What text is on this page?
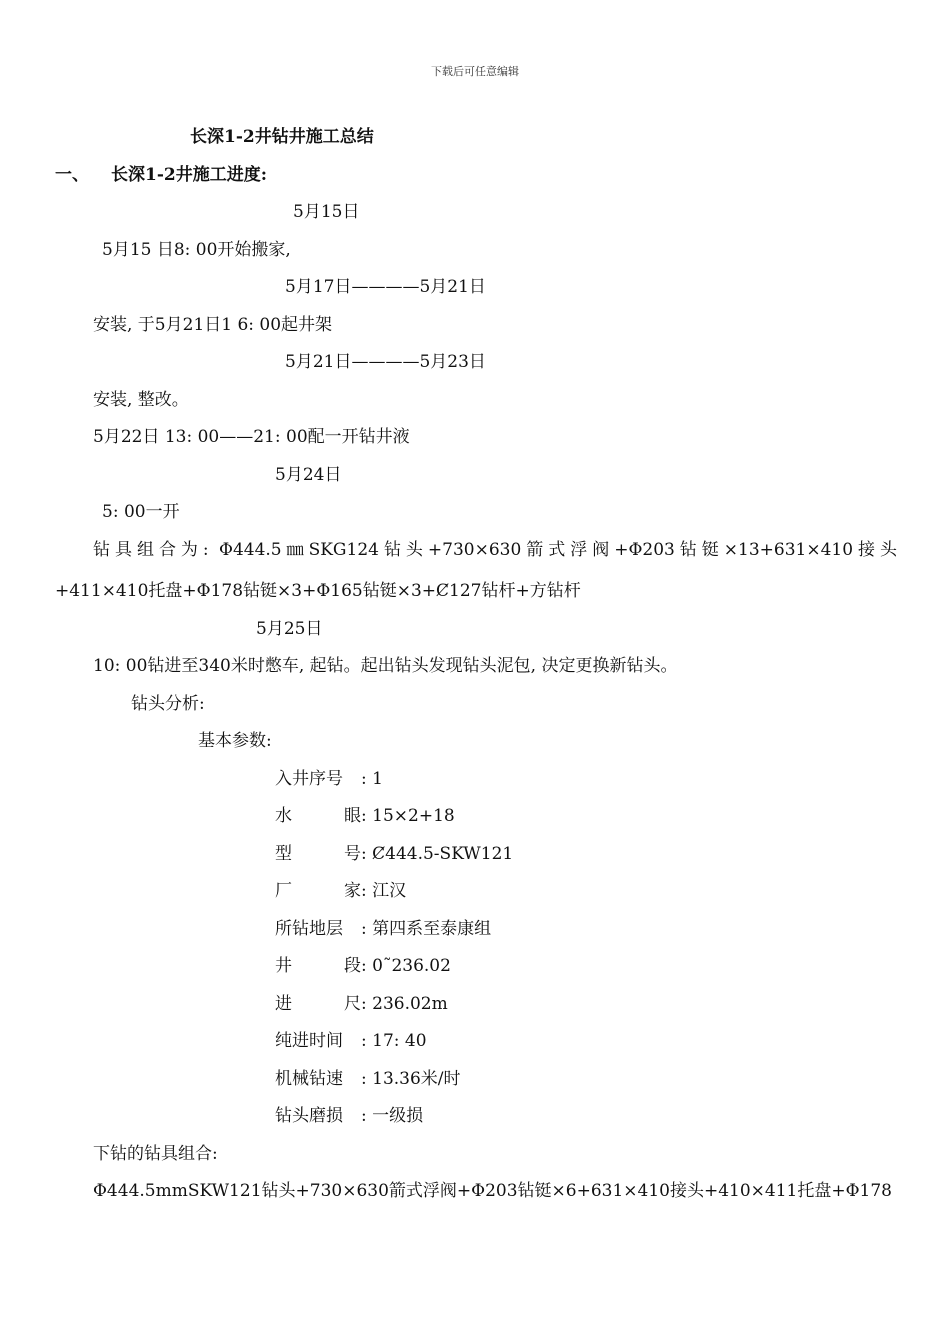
下载后可任意编辑
长深1-2井钻井施工总结
一、 长深1-2井施工进度:
5月15日
5月15 日8: 00开始搬家,
5月17日————5月21日
安装, 于5月21日1 6: 00起井架
5月21日————5月23日
安装, 整改。
5月22日 13: 00——21: 00配一开钻井液
5月24日
5: 00一开
钻具组合为: Φ444.5㎜SKG124钻头+730×630箭式浮阀+Φ203钻铤×13+631×410接头
+411×410托盘+Φ178钻铤×3+Φ165钻铤×3+Ȼ127钻杆+方钻杆
5月25日
10: 00钻进至340米时憋车, 起钻。起出钻头发现钻头泥包, 决定更换新钻头。
钻头分析:
基本参数:
入井序号 : 1
水眼: 15×2+18
型号: Ȼ444.5-SKW121
厂家: 江汉
所钻地层 : 第四系至泰康组
井段: 0˜236.02
进尺: 236.02m
纯进时间 : 17: 40
机械钻速 : 13.36米/时
钻头磨损 : 一级损
下钻的钻具组合:
Φ444.5mmSKW121钻头+730×630箭式浮阀+Φ203钻铤×6+631×410接头+410×411托盘+Φ178
